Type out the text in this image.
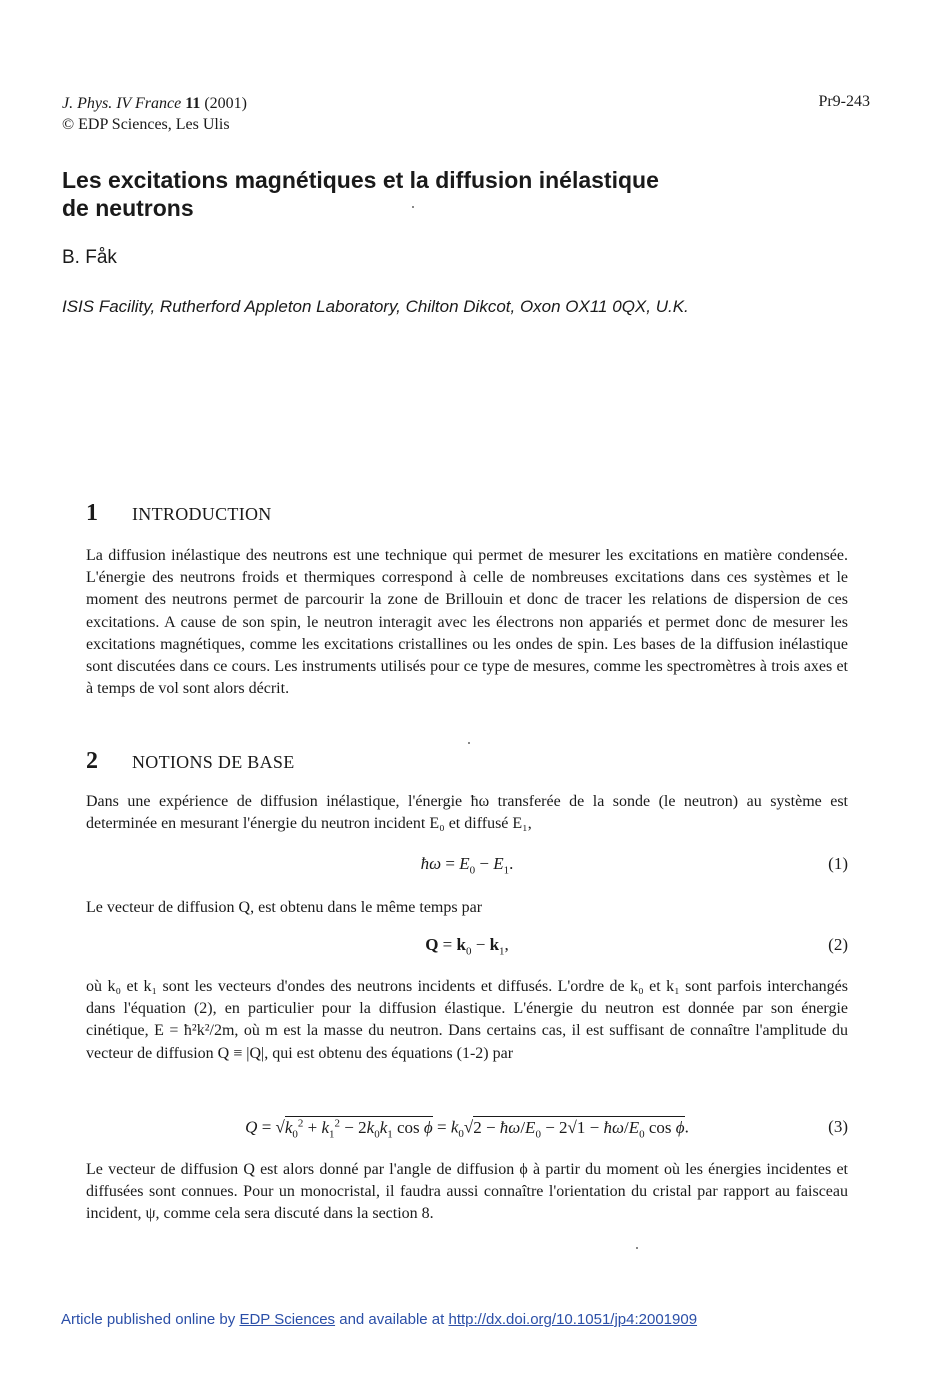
J. Phys. IV France 11 (2001)
© EDP Sciences, Les Ulis
Pr9-243
Les excitations magnétiques et la diffusion inélastique
de neutrons
B. Fåk
ISIS Facility, Rutherford Appleton Laboratory, Chilton Dikcot, Oxon OX11 0QX, U.K.
1 INTRODUCTION
La diffusion inélastique des neutrons est une technique qui permet de mesurer les excitations en matière condensée. L'énergie des neutrons froids et thermiques correspond à celle de nombreuses excitations dans ces systèmes et le moment des neutrons permet de parcourir la zone de Brillouin et donc de tracer les relations de dispersion de ces excitations. A cause de son spin, le neutron interagit avec les électrons non appariés et permet donc de mesurer les excitations magnétiques, comme les excitations cristallines ou les ondes de spin. Les bases de la diffusion inélastique sont discutées dans ce cours. Les instruments utilisés pour ce type de mesures, comme les spectromètres à trois axes et à temps de vol sont alors décrit.
2 NOTIONS DE BASE
Dans une expérience de diffusion inélastique, l'énergie ħω transferée de la sonde (le neutron) au système est determinée en mesurant l'énergie du neutron incident E₀ et diffusé E₁,
ħω = $E_0 - E_1$.	(1)
Le vecteur de diffusion Q, est obtenu dans le même temps par
$Q = k_0 - k_1$,	(2)
où k₀ et k₁ sont les vecteurs d'ondes des neutrons incidents et diffusés. L'ordre de k₀ et k₁ sont parfois interchangés dans l'équation (2), en particulier pour la diffusion élastique. L'énergie du neutron est donnée par son énergie cinétique, E = ħ²k²/2m, où m est la masse du neutron. Dans certains cas, il est suffisant de connaître l'amplitude du vecteur de diffusion Q ≡ |Q|, qui est obtenu des équations (1-2) par
$Q = √k_0^2 + k_1^2 - 2k_0k_1$ $\cos \phi = k_0√2$ − $ħ\omega/E_0 - 2√1$ − $ħ\omega/E_0$ cos ϕ.	(3)
Le vecteur de diffusion Q est alors donné par l'angle de diffusion ϕ à partir du moment où les énergies incidentes et diffusées sont connues. Pour un monocristal, il faudra aussi connaître l'orientation du cristal par rapport au faisceau incident, ψ, comme cela sera discuté dans la section 8.
Article published online by EDP Sciences and available at http://dx.doi.org/10.1051/jp4:2001909
